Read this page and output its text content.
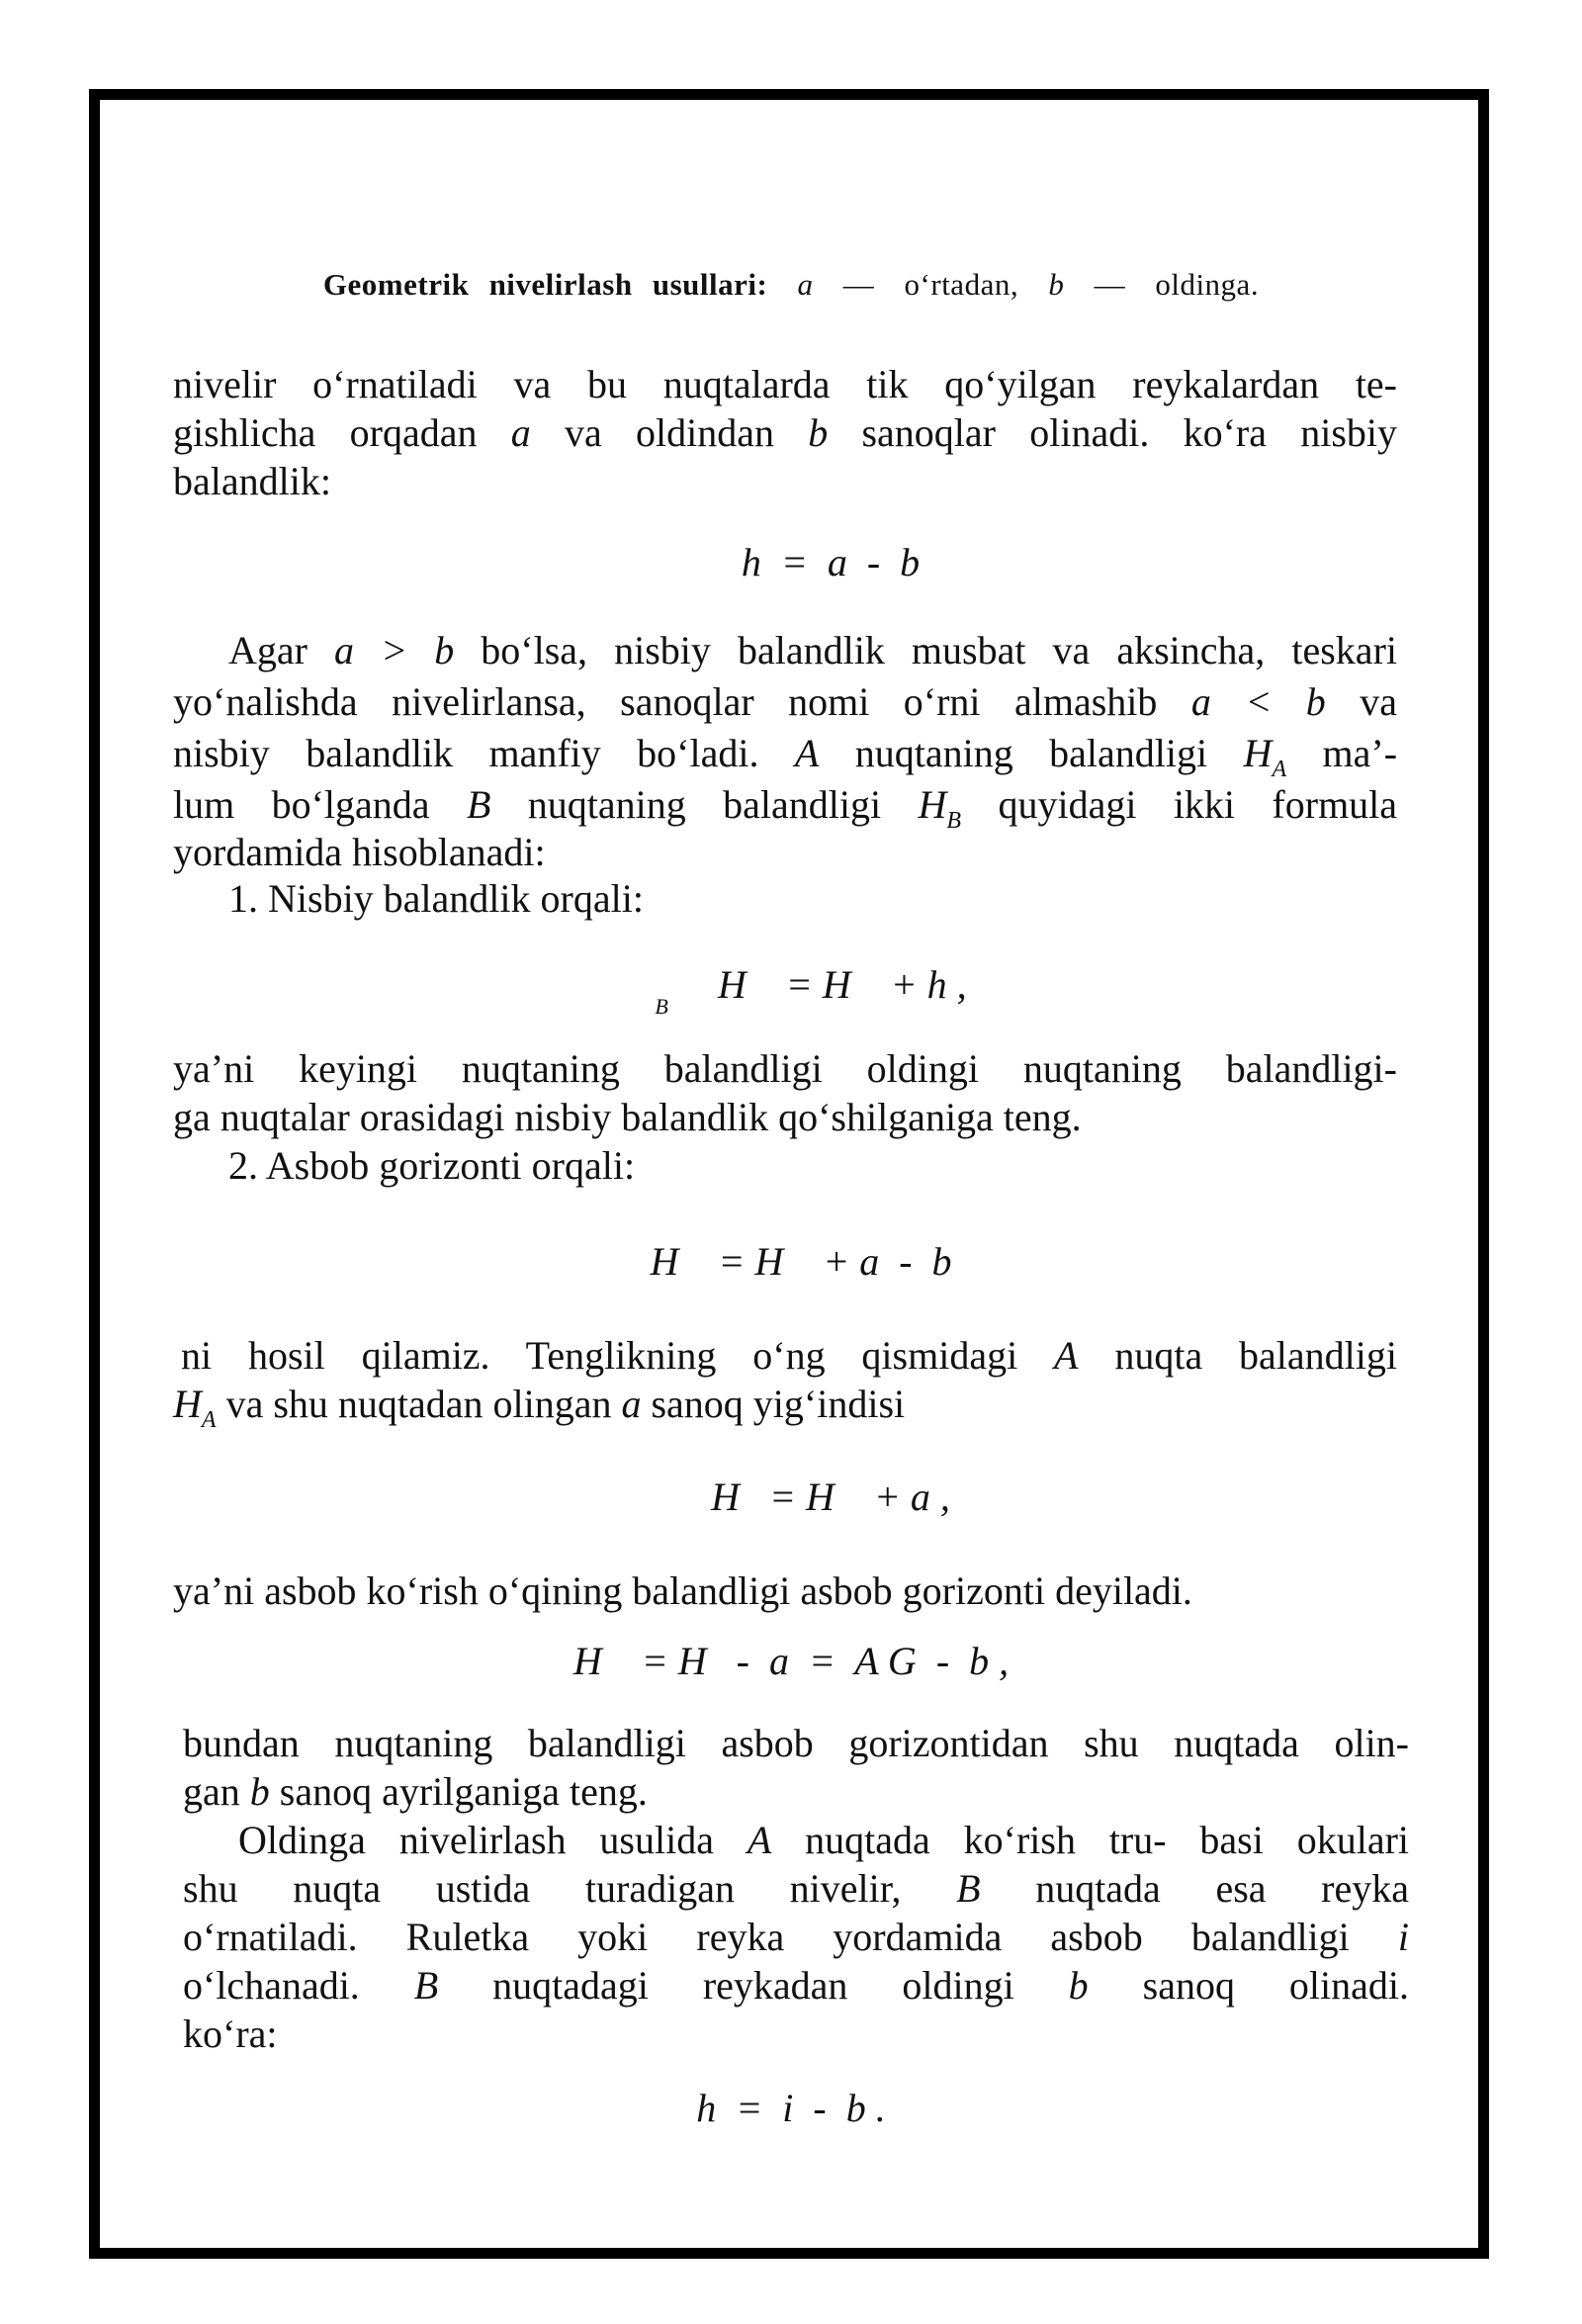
Geometrik nivelirlash usullari: a — o‘rtadan, b — oldinga.
nivelir o‘rnatiladi va bu nuqtalarda tik qo‘yilgan reykalardan te-
gishlicha orqadan a va oldindan b sanoqlar olinadi. ko‘ra nisbiy
balandlik:
h  =  a  -  b
Agar a > b bo‘lsa, nisbiy balandlik musbat va aksincha, teskari
yo‘nalishda nivelirlansa, sanoqlar nomi o‘rni almashib a < b va
nisbiy balandlik manfiy bo‘ladi. A nuqtaning balandligi $H_A$ ma’-
lum bo‘lganda B nuqtaning balandligi $H_B$ quyidagi ikki formula
yordamida hisoblanadi:
1. Nisbiy balandlik orqali:
$_B$ H    = H    + h ,
ya’ni keyingi nuqtaning balandligi oldingi nuqtaning balandligi-
ga nuqtalar orasidagi nisbiy balandlik qo‘shilganiga teng.
2. Asbob gorizonti orqali:
H    = H    + a  -  b
ni hosil qilamiz. Tenglikning o‘ng qismidagi A nuqta balandligi
$H_A$ va shu nuqtadan olingan a sanoq yig‘indisi
H   = H    + a ,
ya’ni asbob ko‘rish o‘qining balandligi asbob gorizonti deyiladi.
H    = H   -  a  =  A G  -  b ,
bundan nuqtaning balandligi asbob gorizontidan shu nuqtada olin-
gan b sanoq ayrilganiga teng.
Oldinga nivelirlash usulida A nuqtada ko‘rish tru- basi okulari
shu nuqta ustida turadigan nivelir, B nuqtada esa reyka
o‘rnatiladi. Ruletka yoki reyka yordamida asbob balandligi i
o‘lchanadi. B nuqtadagi reykadan oldingi b sanoq olinadi.
ko‘ra:
h  =  i  -  b .
